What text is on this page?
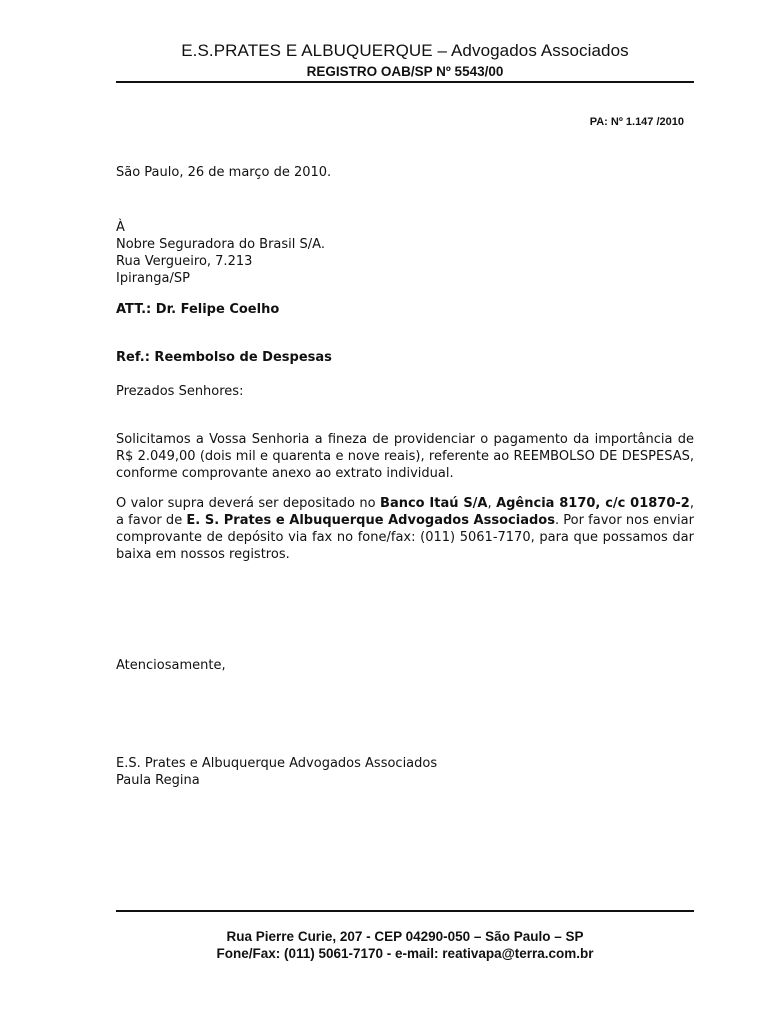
E.S.PRATES E ALBUQUERQUE – Advogados Associados
REGISTRO OAB/SP Nº 5543/00
PA: Nº 1.147 /2010
São Paulo, 26 de março de 2010.
À
Nobre Seguradora do Brasil S/A.
Rua Vergueiro, 7.213
Ipiranga/SP
ATT.: Dr. Felipe Coelho
Ref.: Reembolso de Despesas
Prezados Senhores:
Solicitamos a Vossa Senhoria a fineza de providenciar o pagamento da importância de R$ 2.049,00 (dois mil e quarenta e nove reais), referente ao REEMBOLSO DE DESPESAS, conforme comprovante anexo ao extrato individual.
O valor supra deverá ser depositado no Banco Itaú S/A, Agência 8170, c/c 01870-2, a favor de E. S. Prates e Albuquerque Advogados Associados. Por favor nos enviar comprovante de depósito via fax no fone/fax: (011) 5061-7170, para que possamos dar baixa em nossos registros.
Atenciosamente,
E.S. Prates e Albuquerque Advogados Associados
Paula Regina
Rua Pierre Curie, 207 - CEP 04290-050 – São Paulo – SP
Fone/Fax: (011) 5061-7170 - e-mail: reativapa@terra.com.br
